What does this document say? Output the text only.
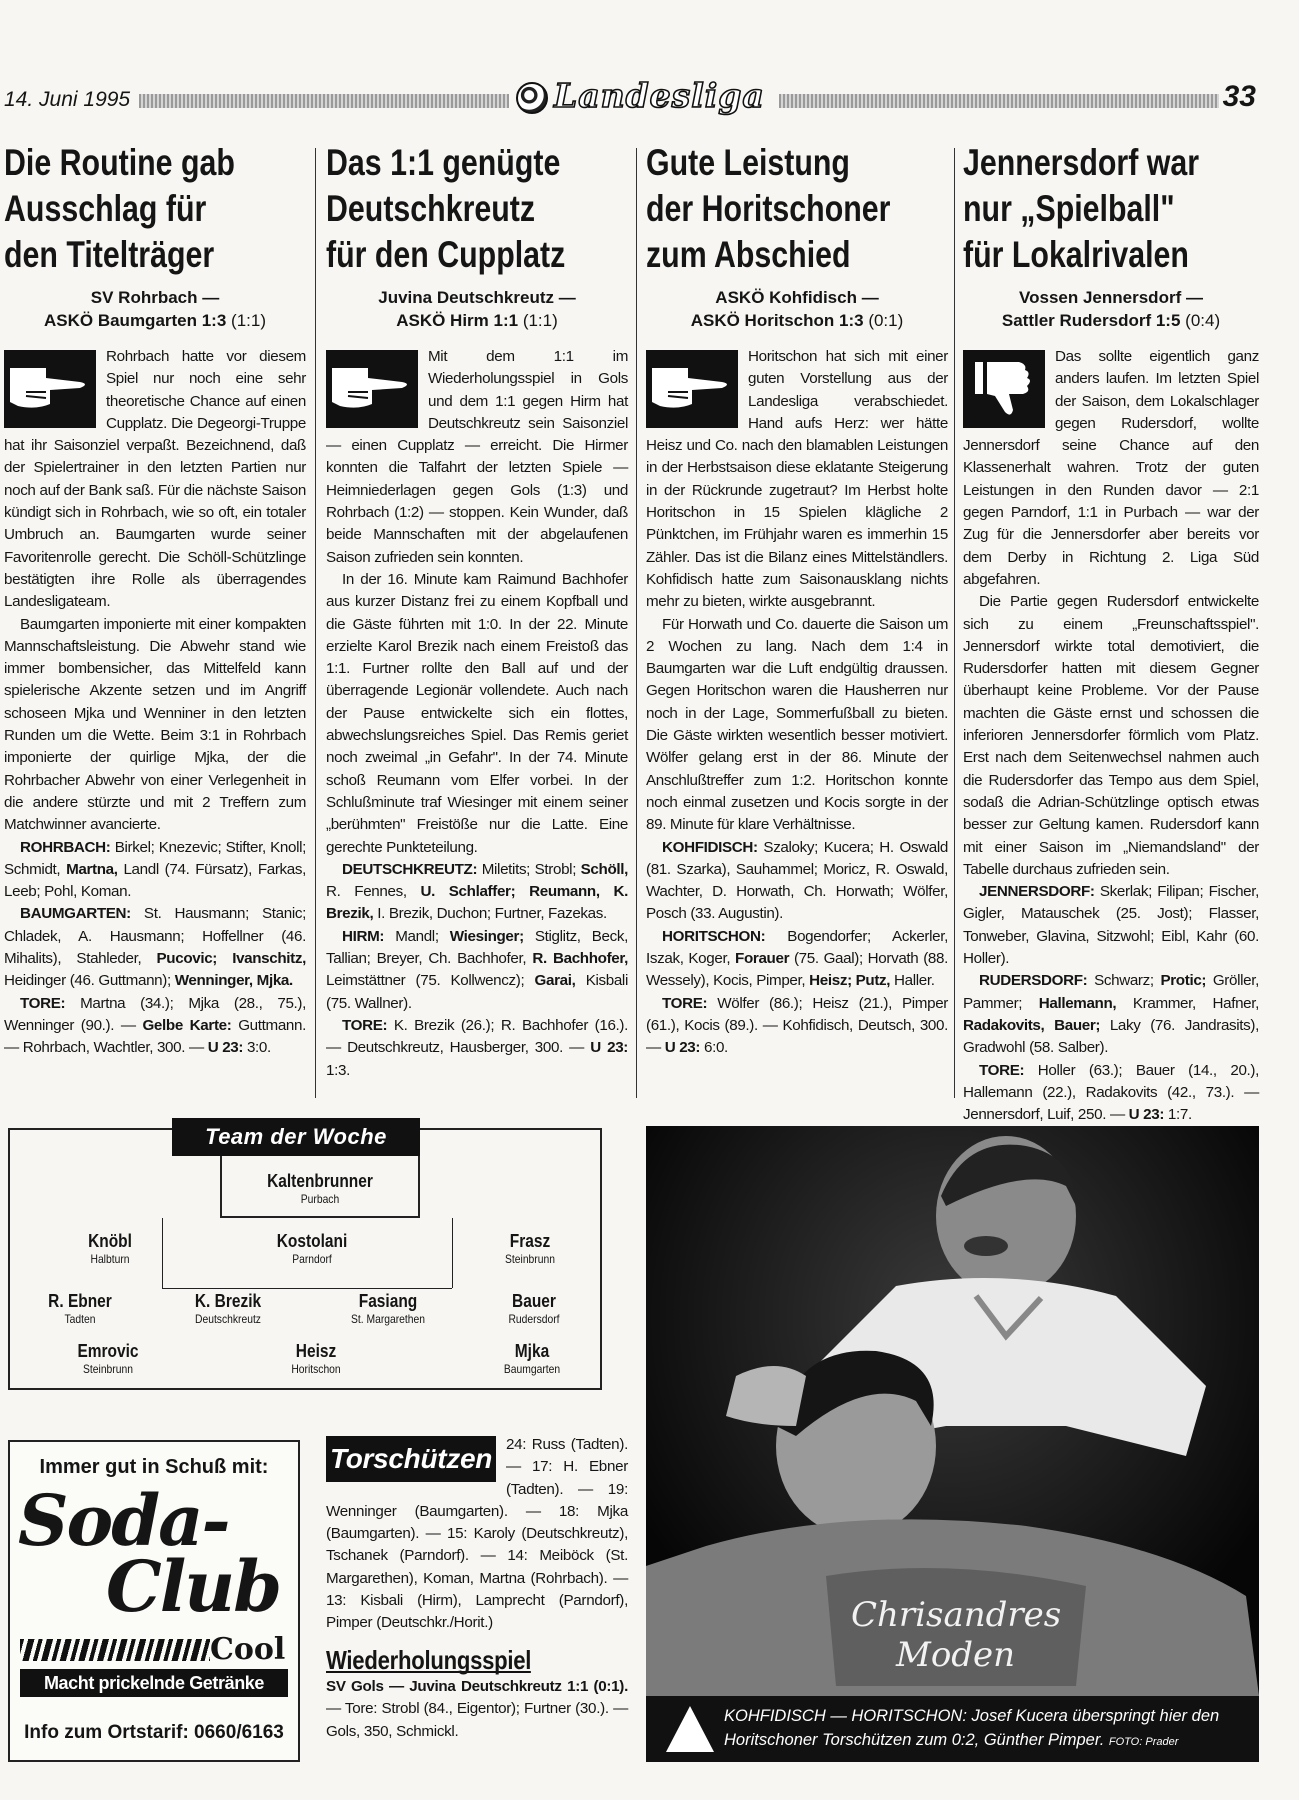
14. Juni 1995	Landesliga	33
Die Routine gab
Ausschlag für
den Titelträger
SV Rohrbach —
ASKÖ Baumgarten 1:3 (1:1)

Rohrbach hatte vor diesem Spiel nur noch eine sehr theoretische Chance auf einen Cupplatz. Die Degeorgi-Truppe hat ihr Saisonziel verpaßt. Bezeichnend, daß der Spielertrainer in den letzten Partien nur noch auf der Bank saß. Für die nächste Saison kündigt sich in Rohrbach, wie so oft, ein totaler Umbruch an. Baumgarten wurde seiner Favoritenrolle gerecht. Die Schöll-Schützlinge bestätigten ihre Rolle als überragendes Landesligateam.

Baumgarten imponierte mit einer kompakten Mannschaftsleistung. Die Abwehr stand wie immer bombensicher, das Mittelfeld kann spielerische Akzente setzen und im Angriff schoseen Mjka und Wenniner in den letzten Runden um die Wette. Beim 3:1 in Rohrbach imponierte der quirlige Mjka, der die Rohrbacher Abwehr von einer Verlegenheit in die andere stürzte und mit 2 Treffern zum Matchwinner avancierte.

ROHRBACH: Birkel; Knezevic; Stifter, Knoll; Schmidt, Martna, Landl (74. Fürsatz), Farkas, Leeb; Pohl, Koman.

BAUMGARTEN: St. Hausmann; Stanic; Chladek, A. Hausmann; Hoffellner (46. Mihalits), Stahleder, Pucovic; Ivanschitz, Heidinger (46. Guttmann); Wenninger, Mjka.

TORE: Martna (34.); Mjka (28., 75.), Wenninger (90.). — Gelbe Karte: Guttmann. — Rohrbach, Wachtler, 300. — U 23: 3:0.

Das 1:1 genügte
Deutschkreutz
für den Cupplatz
Juvina Deutschkreutz —
ASKÖ Hirm 1:1 (1:1)

Mit dem 1:1 im Wiederholungsspiel in Gols und dem 1:1 gegen Hirm hat Deutschkreutz sein Saisonziel — einen Cupplatz — erreicht. Die Hirmer konnten die Talfahrt der letzten Spiele — Heimniederlagen gegen Gols (1:3) und Rohrbach (1:2) — stoppen. Kein Wunder, daß beide Mannschaften mit der abgelaufenen Saison zufrieden sein konnten.

In der 16. Minute kam Raimund Bachhofer aus kurzer Distanz frei zu einem Kopfball und die Gäste führten mit 1:0. In der 22. Minute erzielte Karol Brezik nach einem Freistoß das 1:1. Furtner rollte den Ball auf und der überragende Legionär vollendete. Auch nach der Pause entwickelte sich ein flottes, abwechslungsreiches Spiel. Das Remis geriet noch zweimal „in Gefahr". In der 74. Minute schoß Reumann vom Elfer vorbei. In der Schlußminute traf Wiesinger mit einem seiner „berühmten" Freistöße nur die Latte. Eine gerechte Punkteteilung.

DEUTSCHKREUTZ: Miletits; Strobl; Schöll, R. Fennes, U. Schlaffer; Reumann, K. Brezik, I. Brezik, Duchon; Furtner, Fazekas.

HIRM: Mandl; Wiesinger; Stiglitz, Beck, Tallian; Breyer, Ch. Bachhofer, R. Bachhofer, Leimstättner (75. Kollwencz); Garai, Kisbali (75. Wallner).

TORE: K. Brezik (26.); R. Bachhofer (16.). — Deutschkreutz, Hausberger, 300. — U 23: 1:3.

Gute Leistung
der Horitschoner
zum Abschied
ASKÖ Kohfidisch —
ASKÖ Horitschon 1:3 (0:1)

Horitschon hat sich mit einer guten Vorstellung aus der Landesliga verabschiedet. Hand aufs Herz: wer hätte Heisz und Co. nach den blamablen Leistungen in der Herbstsaison diese eklatante Steigerung in der Rückrunde zugetraut? Im Herbst holte Horitschon in 15 Spielen klägliche 2 Pünktchen, im Frühjahr waren es immerhin 15 Zähler. Das ist die Bilanz eines Mittelständlers. Kohfidisch hatte zum Saisonausklang nichts mehr zu bieten, wirkte ausgebrannt.

Für Horwath und Co. dauerte die Saison um 2 Wochen zu lang. Nach dem 1:4 in Baumgarten war die Luft endgültig draussen. Gegen Horitschon waren die Hausherren nur noch in der Lage, Sommerfußball zu bieten. Die Gäste wirkten wesentlich besser motiviert. Wölfer gelang erst in der 86. Minute der Anschlußtreffer zum 1:2. Horitschon konnte noch einmal zusetzen und Kocis sorgte in der 89. Minute für klare Verhältnisse.

KOHFIDISCH: Szaloky; Kucera; H. Oswald (81. Szarka), Sauhammel; Moricz, R. Oswald, Wachter, D. Horwath, Ch. Horwath; Wölfer, Posch (33. Augustin).

HORITSCHON: Bogendorfer; Ackerler, Iszak, Koger, Forauer (75. Gaal); Horvath (88. Wessely), Kocis, Pimper, Heisz; Putz, Haller.

TORE: Wölfer (86.); Heisz (21.), Pimper (61.), Kocis (89.). — Kohfidisch, Deutsch, 300. — U 23: 6:0.

Jennersdorf war
nur „Spielball"
für Lokalrivalen
Vossen Jennersdorf —
Sattler Rudersdorf 1:5 (0:4)

Das sollte eigentlich ganz anders laufen. Im letzten Spiel der Saison, dem Lokalschlager gegen Rudersdorf, wollte Jennersdorf seine Chance auf den Klassenerhalt wahren. Trotz der guten Leistungen in den Runden davor — 2:1 gegen Parndorf, 1:1 in Purbach — war der Zug für die Jennersdorfer aber bereits vor dem Derby in Richtung 2. Liga Süd abgefahren.

Die Partie gegen Rudersdorf entwickelte sich zu einem „Freunschaftsspiel". Jennersdorf wirkte total demotiviert, die Rudersdorfer hatten mit diesem Gegner überhaupt keine Probleme. Vor der Pause machten die Gäste ernst und schossen die inferioren Jennersdorfer förmlich vom Platz. Erst nach dem Seitenwechsel nahmen auch die Rudersdorfer das Tempo aus dem Spiel, sodaß die Adrian-Schützlinge optisch etwas besser zur Geltung kamen. Rudersdorf kann mit einer Saison im „Niemandsland" der Tabelle durchaus zufrieden sein.

JENNERSDORF: Skerlak; Filipan; Fischer, Gigler, Matauschek (25. Jost); Flasser, Tonweber, Glavina, Sitzwohl; Eibl, Kahr (60. Holler).

RUDERSDORF: Schwarz; Protic; Gröller, Pammer; Hallemann, Krammer, Hafner, Radakovits, Bauer; Laky (76. Jandrasits), Gradwohl (58. Salber).

TORE: Holler (63.); Bauer (14., 20.), Hallemann (22.), Radakovits (42., 73.). — Jennersdorf, Luif, 250. — U 23: 1:7.

Team der Woche
Kaltenbrunner
Purbach
Knöbl
Halbturn
Kostolani
Parndorf
Frasz
Steinbrunn
R. Ebner
Tadten
K. Brezik
Deutschkreutz
Fasiang
St. Margarethen
Bauer
Rudersdorf
Emrovic
Steinbrunn
Heisz
Horitschon
Mjka
Baumgarten
Immer gut in Schuß mit:
Soda-
Club
Cool
Macht prickelnde Getränke
Info zum Ortstarif: 0660/6163
Torschützen 24: Russ (Tadten). — 17: H. Ebner (Tadten). — 19: Wenninger (Baumgarten). — 18: Mjka (Baumgarten). — 15: Karoly (Deutschkreutz), Tschanek (Parndorf). — 14: Meiböck (St. Margarethen), Koman, Martna (Rohrbach). — 13: Kisbali (Hirm), Lamprecht (Parndorf), Pimper (Deutschkr./Horit.)

Wiederholungsspiel

SV Gols — Juvina Deutschkreutz 1:1 (0:1). — Tore: Strobl (84., Eigentor); Furtner (30.). — Gols, 350, Schmickl.

Chrisandres
Moden
KOHFIDISCH — HORITSCHON: Josef Kucera überspringt hier den Horitschoner Torschützen zum 0:2, Günther Pimper. FOTO: Prader
